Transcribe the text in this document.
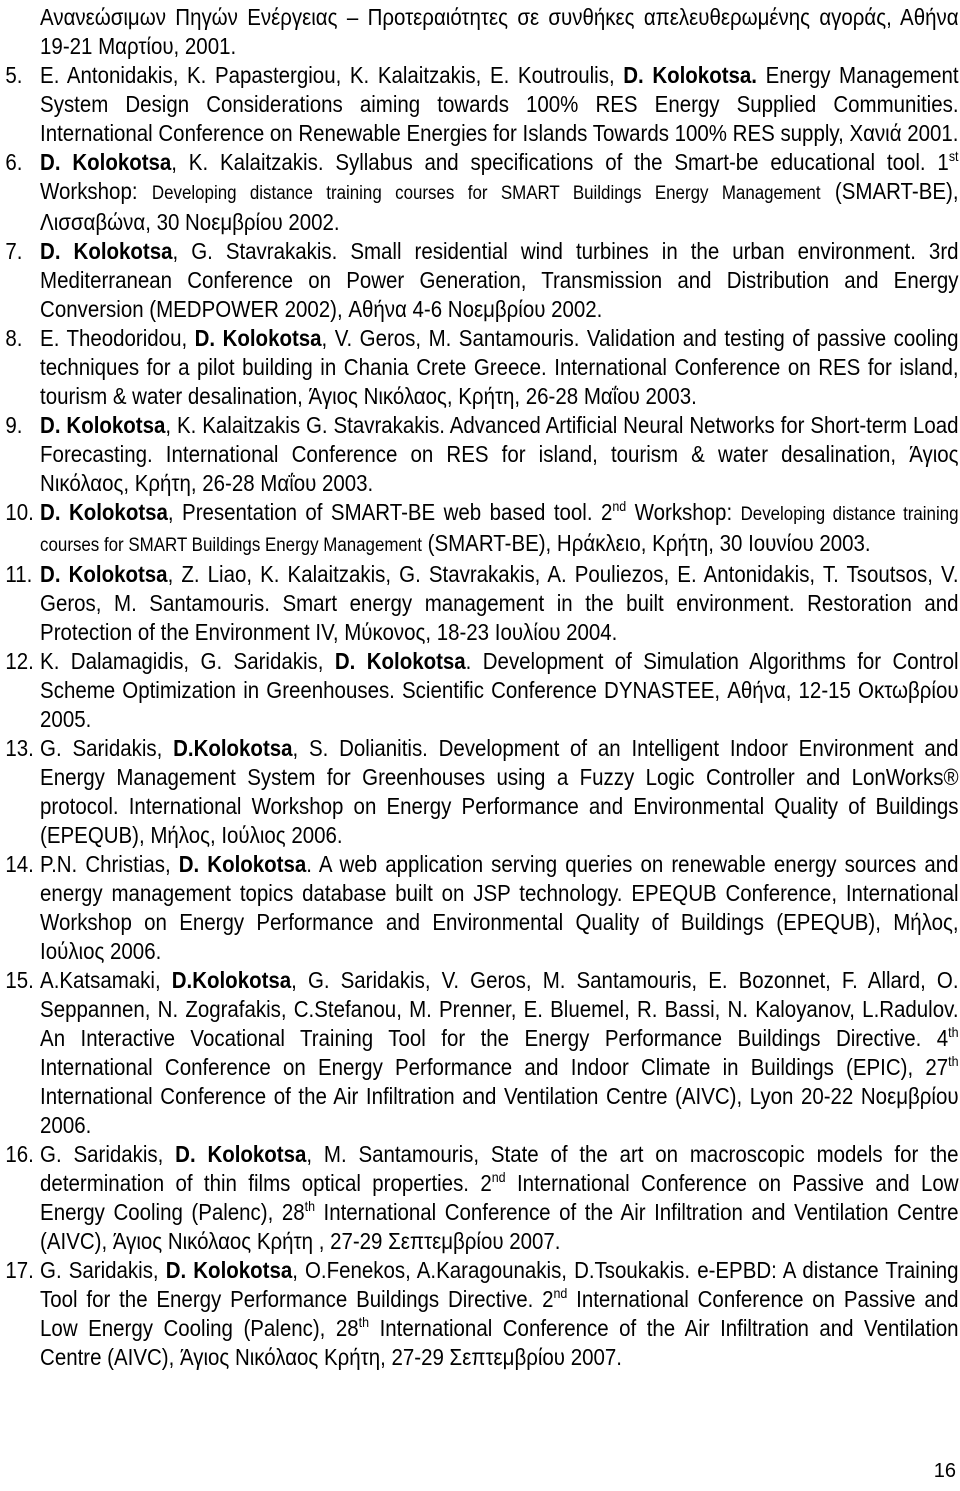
Ανανεώσιμων Πηγών Ενέργειας – Προτεραιότητες σε συνθήκες απελευθερωμένης αγοράς, Αθήνα 19-21 Μαρτίου, 2001.
5. E. Antonidakis, K. Papastergiou, K. Kalaitzakis, E. Koutroulis, D. Kolokotsa. Energy Management System Design Considerations aiming towards 100% RES Energy Supplied Communities. International Conference on Renewable Energies for Islands Towards 100% RES supply, Χανιά 2001.
6. D. Kolokotsa, K. Kalaitzakis. Syllabus and specifications of the Smart-be educational tool. 1st Workshop: Developing distance training courses for SMART Buildings Energy Management (SMART-BE), Λισσαβώνα, 30 Νοεμβρίου 2002.
7. D. Kolokotsa, G. Stavrakakis. Small residential wind turbines in the urban environment. 3rd Mediterranean Conference on Power Generation, Transmission and Distribution and Energy Conversion (MEDPOWER 2002), Αθήνα 4-6 Νοεμβρίου 2002.
8. E. Theodoridou, D. Kolokotsa, V. Geros, M. Santamouris. Validation and testing of passive cooling techniques for a pilot building in Chania Crete Greece. International Conference on RES for island, tourism & water desalination, Άγιος Νικόλαος, Κρήτη, 26-28 Μαΐου 2003.
9. D. Kolokotsa, K. Kalaitzakis G. Stavrakakis. Advanced Artificial Neural Networks for Short-term Load Forecasting. International Conference on RES for island, tourism & water desalination, Άγιος Νικόλαος, Κρήτη, 26-28 Μαΐου 2003.
10. D. Kolokotsa, Presentation of SMART-BE web based tool. 2nd Workshop: Developing distance training courses for SMART Buildings Energy Management (SMART-BE), Ηράκλειο, Κρήτη, 30 Ιουνίου 2003.
11. D. Kolokotsa, Z. Liao, K. Kalaitzakis, G. Stavrakakis, A. Pouliezos, E. Antonidakis, T. Tsoutsos, V. Geros, M. Santamouris. Smart energy management in the built environment. Restoration and Protection of the Environment IV, Μύκονος, 18-23 Ιουλίου 2004.
12. K. Dalamagidis, G. Saridakis, D. Kolokotsa. Development of Simulation Algorithms for Control Scheme Optimization in Greenhouses. Scientific Conference DYNASTEE, Αθήνα, 12-15 Οκτωβρίου 2005.
13. G. Saridakis, D.Kolokotsa, S. Dolianitis. Development of an Intelligent Indoor Environment and Energy Management System for Greenhouses using a Fuzzy Logic Controller and LonWorks® protocol. International Workshop on Energy Performance and Environmental Quality of Buildings (EPEQUB), Μήλος, Ιούλιος 2006.
14. P.N. Christias, D. Kolokotsa. A web application serving queries on renewable energy sources and energy management topics database built on JSP technology. EPEQUB Conference, International Workshop on Energy Performance and Environmental Quality of Buildings (EPEQUB), Μήλος, Ιούλιος 2006.
15. A.Katsamaki, D.Kolokotsa, G. Saridakis, V. Geros, M. Santamouris, E. Bozonnet, F. Allard, O. Seppannen, N. Zografakis, C.Stefanou, M. Prenner, E. Bluemel, R. Bassi, N. Kaloyanov, L.Radulov. An Interactive Vocational Training Tool for the Energy Performance Buildings Directive. 4th International Conference on Energy Performance and Indoor Climate in Buildings (EPIC), 27th International Conference of the Air Infiltration and Ventilation Centre (AIVC), Lyon 20-22 Νοεμβρίου 2006.
16. G. Saridakis, D. Kolokotsa, M. Santamouris, State of the art on macroscopic models for the determination of thin films optical properties. 2nd International Conference on Passive and Low Energy Cooling (Palenc), 28th International Conference of the Air Infiltration and Ventilation Centre (AIVC), Άγιος Νικόλαος Κρήτη , 27-29 Σεπτεμβρίου 2007.
17. G. Saridakis, D. Kolokotsa, O.Fenekos, A.Karagounakis, D.Tsoukakis. e-EPBD: A distance Training Tool for the Energy Performance Buildings Directive. 2nd International Conference on Passive and Low Energy Cooling (Palenc), 28th International Conference of the Air Infiltration and Ventilation Centre (AIVC), Άγιος Νικόλαος Κρήτη, 27-29 Σεπτεμβρίου 2007.
16
